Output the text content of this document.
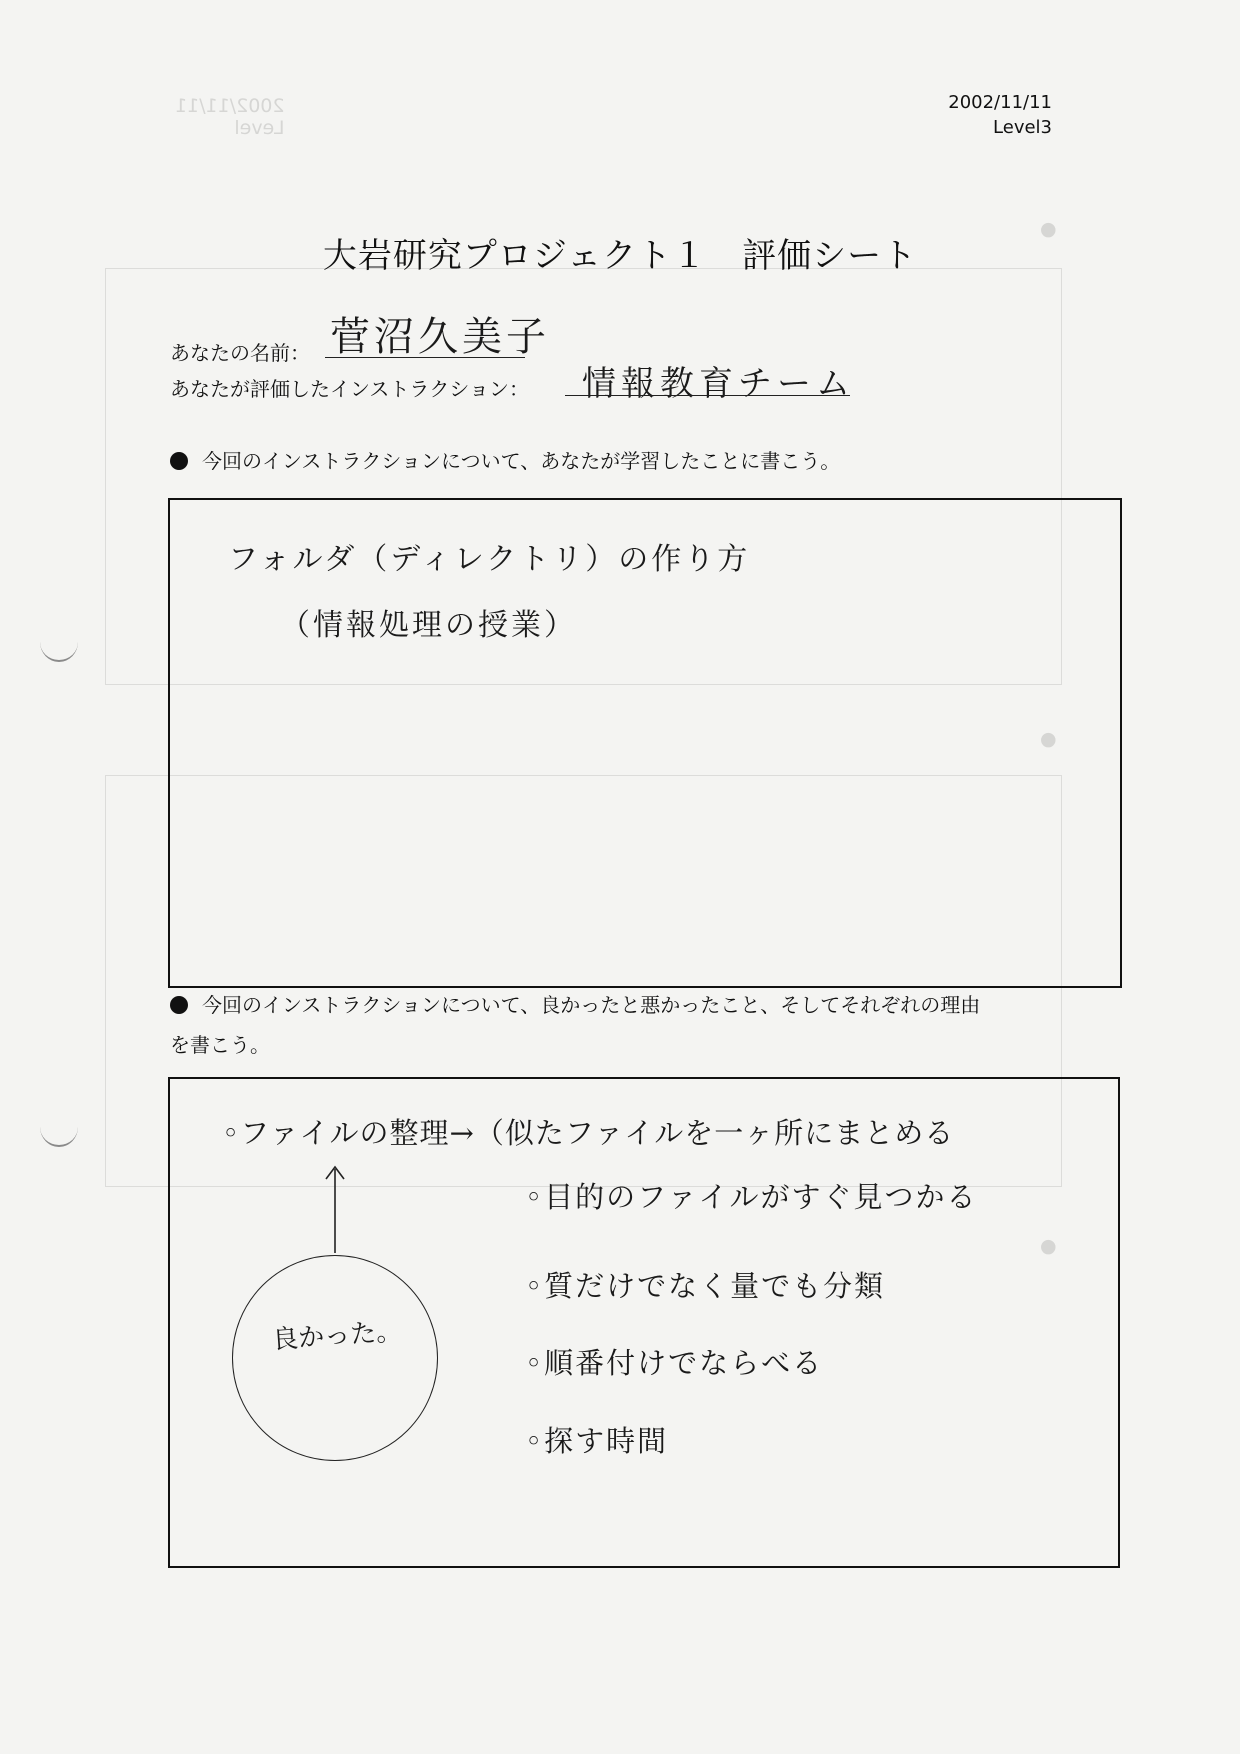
2002/11/11
Level
●
●
●
2002/11/11
Level3
大岩研究プロジェクト１　評価シート
あなたの名前： 菅沼久美子
あなたが評価したインストラクション： 情報教育チーム
今回のインストラクションについて、あなたが学習したことに書こう。
フォルダ（ディレクトリ）の作り方
（情報処理の授業）
今回のインストラクションについて、良かったと悪かったこと、そしてそれぞれの理由
を書こう。
◦ファイルの整理→（似たファイルを一ヶ所にまとめる
◦目的のファイルがすぐ見つかる
◦質だけでなく量でも分類
◦順番付けでならべる
◦探す時間
良かった。
